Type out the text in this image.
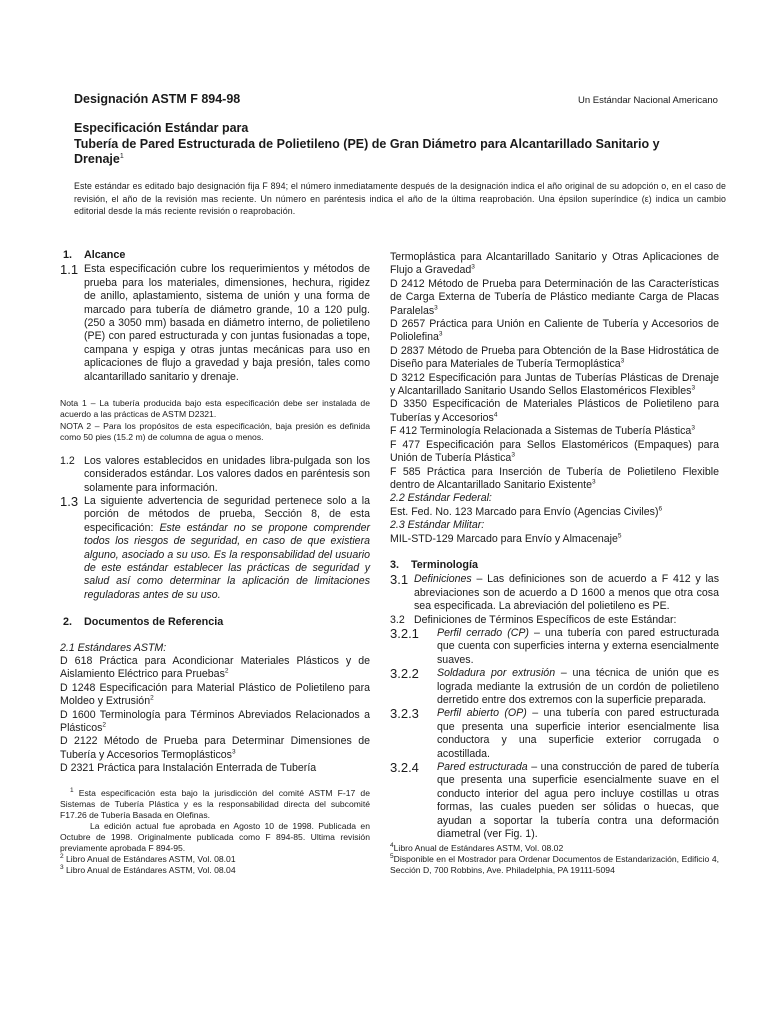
Designación ASTM F 894-98	Un Estándar Nacional Americano
Especificación Estándar para
Tubería de Pared Estructurada de Polietileno (PE) de Gran Diámetro para Alcantarillado Sanitario y Drenaje$^1$
Este estándar es editado bajo designación fija F 894; el número inmediatamente después de la designación indica el año original de su adopción o, en el caso de revisión, el año de la revisión mas reciente. Un número en paréntesis indica el año de la última reaprobación. Una épsilon superíndice (ε) indica un cambio editorial desde la más reciente revisión o reaprobación.

1. Alcance

1.1 Esta especificación cubre los requerimientos y métodos de prueba para los materiales, dimensiones, hechura, rigidez de anillo, aplastamiento, sistema de unión y una forma de marcado para tubería de diámetro grande, 10 a 120 pulg. (250 a 3050 mm) basada en diámetro interno, de polietileno (PE) con pared estructurada y con juntas fusionadas a tope, campana y espiga y otras juntas mecánicas para uso en aplicaciones de flujo a gravedad y baja presión, tales como alcantarillado sanitario y drenaje.

Nota 1 – La tubería producida bajo esta especificación debe ser instalada de acuerdo a las prácticas de ASTM D2321.

NOTA 2 – Para los propósitos de esta especificación, baja presión es definida como 50 pies (15.2 m) de columna de agua o menos.

1.2 Los valores establecidos en unidades libra-pulgada son los considerados estándar. Los valores dados en paréntesis son solamente para información.
1.3 La siguiente advertencia de seguridad pertenece solo a la porción de métodos de prueba, Sección 8, de esta especificación: Este estándar no se propone comprender todos los riesgos de seguridad, en caso de que existiera alguno, asociado a su uso. Es la responsabilidad del usuario de este estándar establecer las prácticas de seguridad y salud así como determinar la aplicación de limitaciones reguladoras antes de su uso.

2. Documentos de Referencia

2.1 Estándares ASTM:

D 618 Práctica para Acondicionar Materiales Plásticos y de Aislamiento Eléctrico para Pruebas$^2$

D 1248 Especificación para Material Plástico de Polietileno para Moldeo y Extrusión$^2$

D 1600 Terminología para Términos Abreviados Relacionados a Plásticos$^2$

D 2122 Método de Prueba para Determinar Dimensiones de Tubería y Accesorios Termoplásticos$^3$

D 2321 Práctica para Instalación Enterrada de Tubería

$^1$ Esta especificación esta bajo la jurisdicción del comité ASTM F-17 de Sistemas de Tubería Plástica y es la responsabilidad directa del subcomité F17.26 de Tubería Basada en Olefinas.

La edición actual fue aprobada en Agosto 10 de 1998. Publicada en Octubre de 1998. Originalmente publicada como F 894-85. Ultima revisión previamente aprobada F 894-95.

$^2$ Libro Anual de Estándares ASTM, Vol. 08.01

$^3$ Libro Anual de Estándares ASTM, Vol. 08.04

Termoplástica para Alcantarillado Sanitario y Otras Aplicaciones de Flujo a Gravedad$^3$

D 2412 Método de Prueba para Determinación de las Características de Carga Externa de Tubería de Plástico mediante Carga de Placas Paralelas$^3$

D 2657 Práctica para Unión en Caliente de Tubería y Accesorios de Poliolefina$^3$

D 2837 Método de Prueba para Obtención de la Base Hidrostática de Diseño para Materiales de Tubería Termoplástica$^3$

D 3212 Especificación para Juntas de Tuberías Plásticas de Drenaje y Alcantarillado Sanitario Usando Sellos Elastoméricos Flexibles$^3$

D 3350 Especificación de Materiales Plásticos de Polietileno para Tuberías y Accesorios$^4$

F 412 Terminología Relacionada a Sistemas de Tubería Plástica$^3$

F 477 Especificación para Sellos Elastoméricos (Empaques) para Unión de Tubería Plástica$^3$

F 585 Práctica para Inserción de Tubería de Polietileno Flexible dentro de Alcantarillado Sanitario Existente$^3$

2.2 Estándar Federal:

Est. Fed. No. 123 Marcado para Envío (Agencias Civiles)$^6$

2.3 Estándar Militar:

MIL-STD-129 Marcado para Envío y Almacenaje$^5$

3. Terminología

3.1 Definiciones – Las definiciones son de acuerdo a F 412 y las abreviaciones son de acuerdo a D 1600 a menos que otra cosa sea especificada. La abreviación del polietileno es PE.
3.2 Definiciones de Términos Específicos de este Estándar:
3.2.1	Perfil cerrado (CP) – una tubería con pared estructurada que cuenta con superficies interna y externa esencialmente suaves.
3.2.2	Soldadura por extrusión – una técnica de unión que es lograda mediante la extrusión de un cordón de polietileno derretido entre dos extremos con la superficie preparada.
3.2.3	Perfil abierto (OP) – una tubería con pared estructurada que presenta una superficie interior esencialmente lisa conductora y una superficie exterior corrugada o acostillada.
3.2.4	Pared estructurada – una construcción de pared de tubería que presenta una superficie esencialmente suave en el conducto interior del agua pero incluye costillas u otras formas, las cuales pueden ser sólidas o huecas, que ayudan a soportar la tubería contra una deformación diametral (ver Fig. 1).

$^4$Libro Anual de Estándares ASTM, Vol. 08.02

$^5$Disponible en el Mostrador para Ordenar Documentos de Estandarización, Edificio 4, Sección D, 700 Robbins, Ave. Philadelphia, PA 19111-5094
